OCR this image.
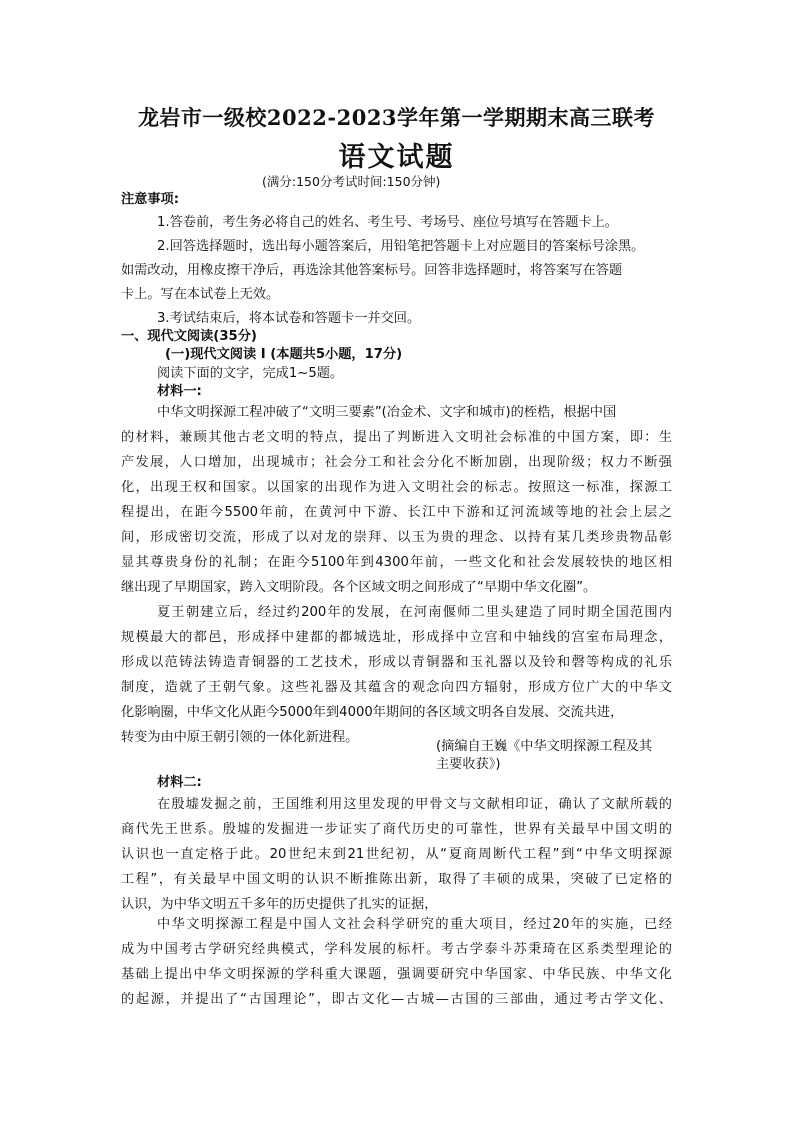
龙岩市一级校2022-2023学年第一学期期末高三联考
语文试题
(满分:150分考试时间:150分钟)
注意事项:
1.答卷前，考生务必将自己的姓名、考生号、考场号、座位号填写在答题卡上。
2.回答选择题时，选出每小题答案后，用铅笔把答题卡上对应题目的答案标号涂黑。
如需改动，用橡皮擦干净后，再选涂其他答案标号。回答非选择题时，将答案写在答题
卡上。写在本试卷上无效。
3.考试结束后，将本试卷和答题卡一并交回。
一、现代文阅读(35分)
(一)现代文阅读 I (本题共5小题，17分)
阅读下面的文字，完成1~5题。
材料一:
中华文明探源工程冲破了“文明三要素”(冶金术、文字和城市)的桎梏，根据中国
的材料，兼顾其他古老文明的特点，提出了判断进入文明社会标准的中国方案，即：生
产发展，人口增加，出现城市；社会分工和社会分化不断加剧，出现阶级；权力不断强
化，出现王权和国家。以国家的出现作为进入文明社会的标志。按照这一标准，探源工
程提出，在距今5500年前，在黄河中下游、长江中下游和辽河流域等地的社会上层之
间，形成密切交流，形成了以对龙的崇拜、以玉为贵的理念、以持有某几类珍贵物品彰
显其尊贵身份的礼制；在距今5100年到4300年前，一些文化和社会发展较快的地区相
继出现了早期国家，跨入文明阶段。各个区域文明之间形成了“早期中华文化圈”。
夏王朝建立后，经过约200年的发展，在河南偃师二里头建造了同时期全国范围内
规模最大的都邑，形成择中建都的都城选址，形成择中立宫和中轴线的宫室布局理念，
形成以范铸法铸造青铜器的工艺技术，形成以青铜器和玉礼器以及铃和磬等构成的礼乐
制度，造就了王朝气象。这些礼器及其蕴含的观念向四方辐射，形成方位广大的中华文
化影响圈，中华文化从距今5000年到4000年期间的各区域文明各自发展、交流共进，
转变为由中原王朝引领的一体化新进程。
(摘编自王巍《中华文明探源工程及其
主要收获》)
材料二:
在殷墟发掘之前，王国维利用这里发现的甲骨文与文献相印证，确认了文献所载的
商代先王世系。殷墟的发掘进一步证实了商代历史的可靠性，世界有关最早中国文明的
认识也一直定格于此。20世纪末到21世纪初，从“夏商周断代工程”到“中华文明探源
工程”，有关最早中国文明的认识不断推陈出新，取得了丰硕的成果，突破了已定格的
认识，为中华文明五千多年的历史提供了扎实的证据，
中华文明探源工程是中国人文社会科学研究的重大项目，经过20年的实施，已经
成为中国考古学研究经典模式，学科发展的标杆。考古学泰斗苏秉琦在区系类型理论的
基础上提出中华文明探源的学科重大课题，强调要研究中华国家、中华民族、中华文化
的起源，并提出了“古国理论”，即古文化—古城—古国的三部曲，通过考古学文化、
